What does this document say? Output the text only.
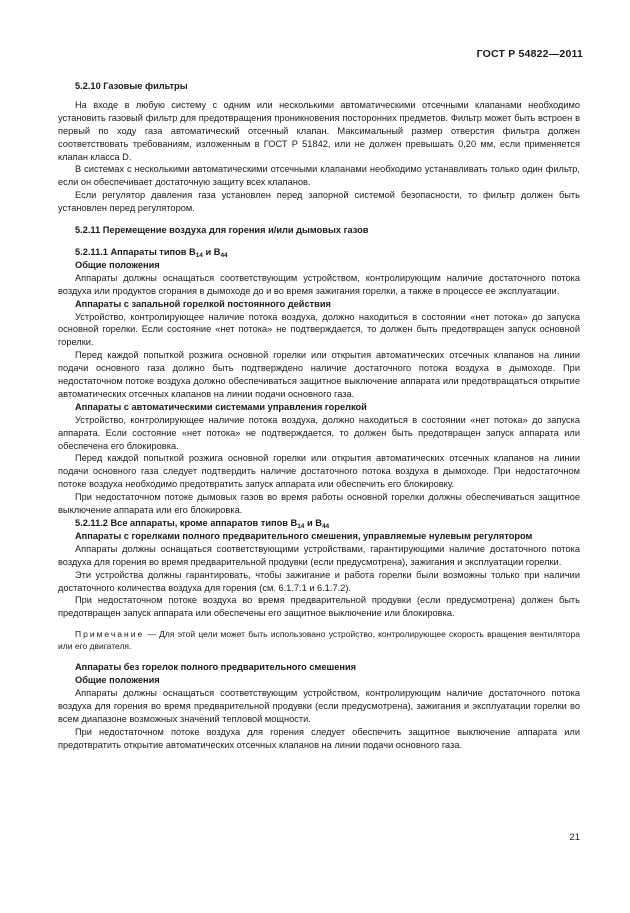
ГОСТ Р 54822—2011

5.2.10 Газовые фильтры

На входе в любую систему с одним или несколькими автоматическими отсечными клапанами необходимо установить газовый фильтр для предотвращения проникновения посторонних предметов. Фильтр может быть встроен в первый по ходу газа автоматический отсечный клапан. Максимальный размер отверстия фильтра должен соответствовать требованиям, изложенным в ГОСТ Р 51842, или не должен превышать 0,20 мм, если применяется клапан класса D.

В системах с несколькими автоматическими отсечными клапанами необходимо устанавливать только один фильтр, если он обеспечивает достаточную защиту всех клапанов.

Если регулятор давления газа установлен перед запорной системой безопасности, то фильтр должен быть установлен перед регулятором.

5.2.11 Перемещение воздуха для горения и/или дымовых газов

5.2.11.1 Аппараты типов $B_{14}$ и $B_{44}$

Общие положения

Аппараты должны оснащаться соответствующим устройством, контролирующим наличие достаточного потока воздуха или продуктов сгорания в дымоходе до и во время зажигания горелки, а также в процессе ее эксплуатации.

Аппараты с запальной горелкой постоянного действия

Устройство, контролирующее наличие потока воздуха, должно находиться в состоянии «нет потока» до запуска основной горелки. Если состояние «нет потока» не подтверждается, то должен быть предотвращен запуск основной горелки.

Перед каждой попыткой розжига основной горелки или открытия автоматических отсечных клапанов на линии подачи основного газа должно быть подтверждено наличие достаточного потока воздуха в дымоходе. При недостаточном потоке воздуха должно обеспечиваться защитное выключение аппарата или предотвращаться открытие автоматических отсечных клапанов на линии подачи основного газа.

Аппараты с автоматическими системами управления горелкой

Устройство, контролирующее наличие потока воздуха, должно находиться в состоянии «нет потока» до запуска аппарата. Если состояние «нет потока» не подтверждается, то должен быть предотвращен запуск аппарата или обеспечена его блокировка.

Перед каждой попыткой розжига основной горелки или открытия автоматических отсечных клапанов на линии подачи основного газа следует подтвердить наличие достаточного потока воздуха в дымоходе. При недостаточном потоке воздуха необходимо предотвратить запуск аппарата или обеспечить его блокировку.

При недостаточном потоке дымовых газов во время работы основной горелки должны обеспечиваться защитное выключение аппарата или его блокировка.

5.2.11.2 Все аппараты, кроме аппаратов типов $B_{14}$ и $B_{44}$

Аппараты с горелками полного предварительного смешения, управляемые нулевым регулятором

Аппараты должны оснащаться соответствующими устройствами, гарантирующими наличие достаточного потока воздуха для горения во время предварительной продувки (если предусмотрена), зажигания и эксплуатации горелки.

Эти устройства должны гарантировать, чтобы зажигание и работа горелки были возможны только при наличии достаточного количества воздуха для горения (см. 6.1.7.1 и 6.1.7.2).

При недостаточном потоке воздуха во время предварительной продувки (если предусмотрена) должен быть предотвращен запуск аппарата или обеспечены его защитное выключение или блокировка.

Примечание — Для этой цели может быть использовано устройство, контролирующее скорость вращения вентилятора или его двигателя.

Аппараты без горелок полного предварительного смешения

Общие положения

Аппараты должны оснащаться соответствующим устройством, контролирующим наличие достаточного потока воздуха для горения во время предварительной продувки (если предусмотрена), зажигания и эксплуатации горелки во всем диапазоне возможных значений тепловой мощности.

При недостаточном потоке воздуха для горения следует обеспечить защитное выключение аппарата или предотвратить открытие автоматических отсечных клапанов на линии подачи основного газа.

21
